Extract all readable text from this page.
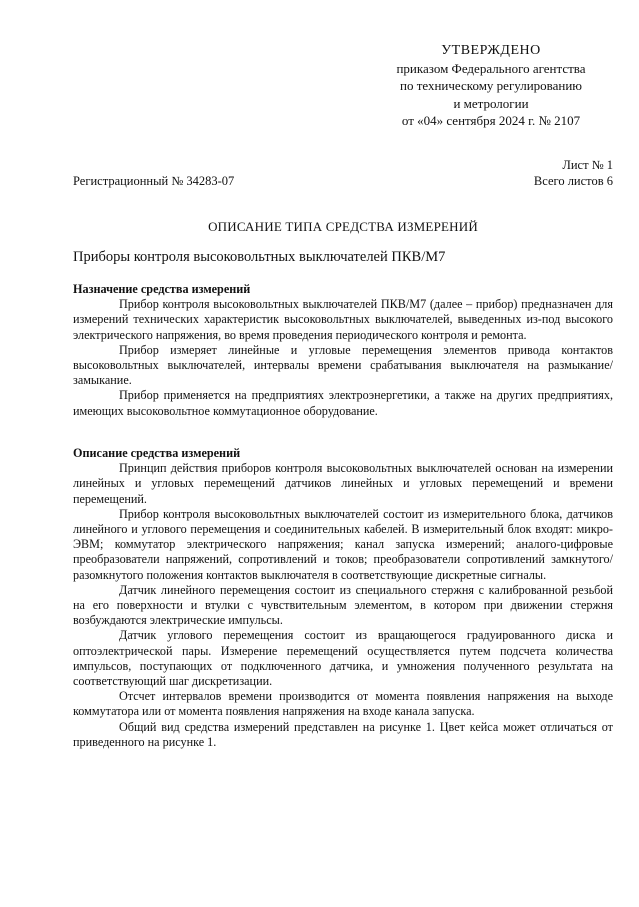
УТВЕРЖДЕНО
приказом Федерального агентства
по техническому регулированию
и метрологии
от «04» сентября 2024 г. № 2107
Лист № 1
Всего листов 6
Регистрационный № 34283-07
ОПИСАНИЕ ТИПА СРЕДСТВА ИЗМЕРЕНИЙ
Приборы контроля высоковольтных выключателей ПКВ/М7
Назначение средства измерений

Прибор контроля высоковольтных выключателей ПКВ/М7 (далее – прибор) предназначен для измерений технических характеристик высоковольтных выключателей, выведенных из-под высокого электрического напряжения, во время проведения периодического контроля и ремонта.

Прибор измеряет линейные и угловые перемещения элементов привода контактов высоковольтных выключателей, интервалы времени срабатывания выключателя на размыкание/замыкание.

Прибор применяется на предприятиях электроэнергетики, а также на других предприятиях, имеющих высоковольтное коммутационное оборудование.

Описание средства измерений

Принцип действия приборов контроля высоковольтных выключателей основан на измерении линейных и угловых перемещений датчиков линейных и угловых перемещений и времени перемещений.

Прибор контроля высоковольтных выключателей состоит из измерительного блока, датчиков линейного и углового перемещения и соединительных кабелей. В измерительный блок входят: микро-ЭВМ; коммутатор электрического напряжения; канал запуска измерений; аналого-цифровые преобразователи напряжений, сопротивлений и токов; преобразователи сопротивлений замкнутого/разомкнутого положения контактов выключателя в соответствующие дискретные сигналы.

Датчик линейного перемещения состоит из специального стержня с калиброванной резьбой на его поверхности и втулки с чувствительным элементом, в котором при движении стержня возбуждаются электрические импульсы.

Датчик углового перемещения состоит из вращающегося градуированного диска и оптоэлектрической пары. Измерение перемещений осуществляется путем подсчета количества импульсов, поступающих от подключенного датчика, и умножения полученного результата на соответствующий шаг дискретизации.

Отсчет интервалов времени производится от момента появления напряжения на выходе коммутатора или от момента появления напряжения на входе канала запуска.

Общий вид средства измерений представлен на рисунке 1. Цвет кейса может отличаться от приведенного на рисунке 1.
